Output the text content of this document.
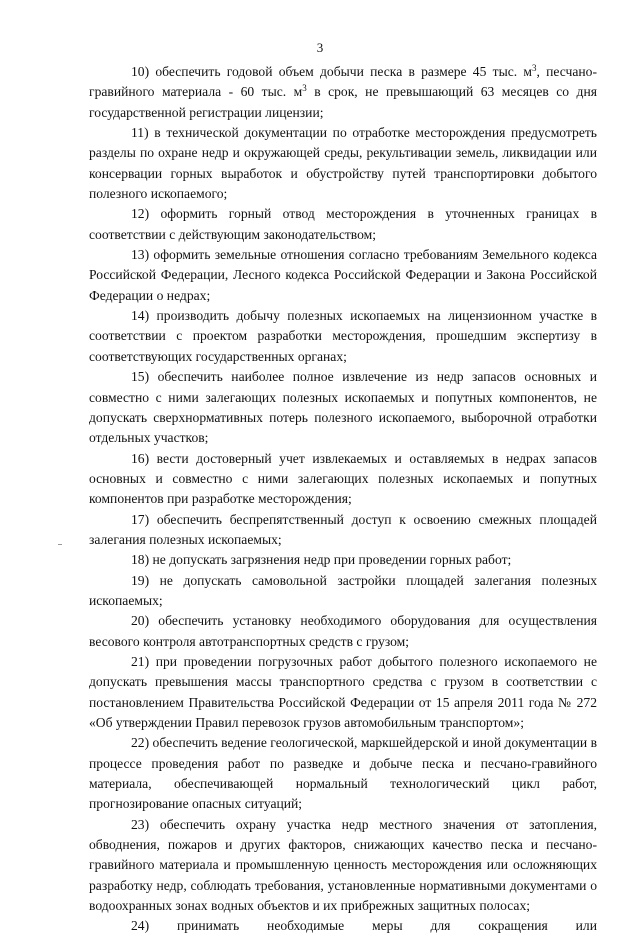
3

10) обеспечить годовой объем добычи песка в размере 45 тыс. $м^3$, песчано-гравийного материала - 60 тыс. $м^3$ в срок, не превышающий 63 месяцев со дня государственной регистрации лицензии;

11) в технической документации по отработке месторождения предусмотреть разделы по охране недр и окружающей среды, рекультивации земель, ликвидации или консервации горных выработок и обустройству путей транспортировки добытого полезного ископаемого;

12) оформить горный отвод месторождения в уточненных границах в соответствии с действующим законодательством;

13) оформить земельные отношения согласно требованиям Земельного кодекса Российской Федерации, Лесного кодекса Российской Федерации и Закона Российской Федерации о недрах;

14) производить добычу полезных ископаемых на лицензионном участке в соответствии с проектом разработки месторождения, прошедшим экспертизу в соответствующих государственных органах;

15) обеспечить наиболее полное извлечение из недр запасов основных и совместно с ними залегающих полезных ископаемых и попутных компонентов, не допускать сверхнормативных потерь полезного ископаемого, выборочной отработки отдельных участков;

16) вести достоверный учет извлекаемых и оставляемых в недрах запасов основных и совместно с ними залегающих полезных ископаемых и попутных компонентов при разработке месторождения;

17) обеспечить беспрепятственный доступ к освоению смежных площадей залегания полезных ископаемых;

18) не допускать загрязнения недр при проведении горных работ;

19) не допускать самовольной застройки площадей залегания полезных ископаемых;

20) обеспечить установку необходимого оборудования для осуществления весового контроля автотранспортных средств с грузом;

21) при проведении погрузочных работ добытого полезного ископаемого не допускать превышения массы транспортного средства с грузом в соответствии с постановлением Правительства Российской Федерации от 15 апреля 2011 года № 272 «Об утверждении Правил перевозок грузов автомобильным транспортом»;

22) обеспечить ведение геологической, маркшейдерской и иной документации в процессе проведения работ по разведке и добыче песка и песчано-гравийного материала, обеспечивающей нормальный технологический цикл работ, прогнозирование опасных ситуаций;

23) обеспечить охрану участка недр местного значения от затопления, обводнения, пожаров и других факторов, снижающих качество песка и песчано-гравийного материала и промышленную ценность месторождения или осложняющих разработку недр, соблюдать требования, установленные нормативными документами о водоохранных зонах водных объектов и их прибрежных защитных полосах;

24) принимать необходимые меры для сокращения или
